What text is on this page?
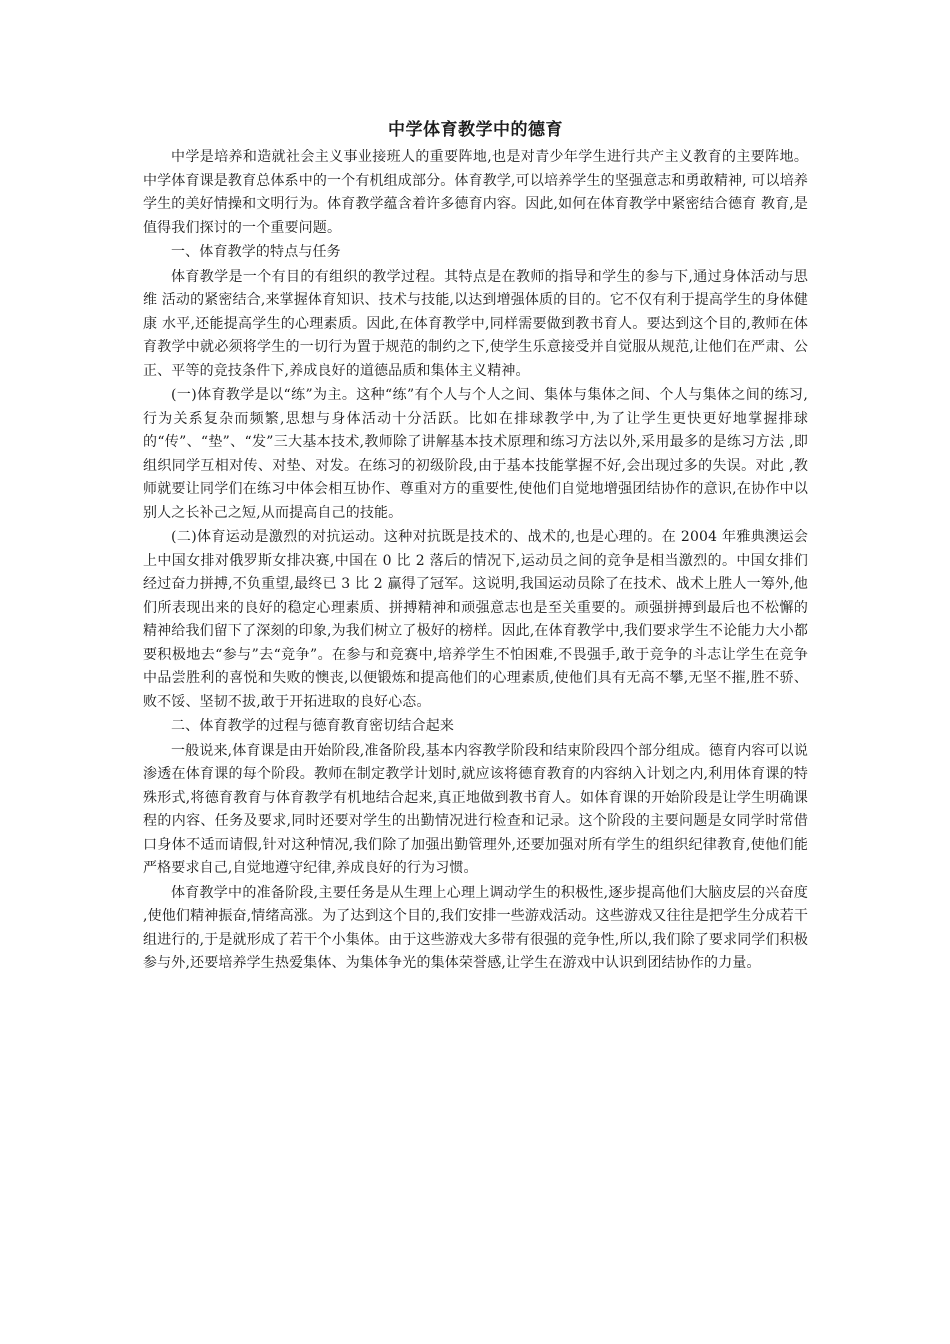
中学体育教学中的德育

中学是培养和造就社会主义事业接班人的重要阵地,也是对青少年学生进行共产主义教育的主要阵地。 中学体育课是教育总体系中的一个有机组成部分。体育教学,可以培养学生的坚强意志和勇敢精神, 可以培养学生的美好情操和文明行为。体育教学蕴含着许多德育内容。因此,如何在体育教学中紧密结合德育 教育,是值得我们探讨的一个重要问题。

一、体育教学的特点与任务

体育教学是一个有目的有组织的教学过程。其特点是在教师的指导和学生的参与下,通过身体活动与思维 活动的紧密结合,来掌握体育知识、技术与技能,以达到增强体质的目的。它不仅有利于提高学生的身体健康 水平,还能提高学生的心理素质。因此,在体育教学中,同样需要做到教书育人。要达到这个目的,教师在体育教学中就必须将学生的一切行为置于规范的制约之下,使学生乐意接受并自觉服从规范,让他们在严肃、公正、平等的竞技条件下,养成良好的道德品质和集体主义精神。

(一)体育教学是以“练”为主。这种“练”有个人与个人之间、集体与集体之间、个人与集体之间的练习,行为关系复杂而频繁,思想与身体活动十分活跃。比如在排球教学中,为了让学生更快更好地掌握排球的“传”、“垫”、“发”三大基本技术,教师除了讲解基本技术原理和练习方法以外,采用最多的是练习方法 ,即组织同学互相对传、对垫、对发。在练习的初级阶段,由于基本技能掌握不好,会出现过多的失误。对此 ,教师就要让同学们在练习中体会相互协作、尊重对方的重要性,使他们自觉地增强团结协作的意识,在协作中以别人之长补己之短,从而提高自己的技能。

(二)体育运动是激烈的对抗运动。这种对抗既是技术的、战术的,也是心理的。在 2004 年雅典澳运会上中国女排对俄罗斯女排决赛,中国在 0 比 2 落后的情况下,运动员之间的竞争是相当激烈的。中国女排们经过奋力拼搏,不负重望,最终已 3 比 2 赢得了冠军。这说明,我国运动员除了在技术、战术上胜人一筹外,他们所表现出来的良好的稳定心理素质、拼搏精神和顽强意志也是至关重要的。顽强拼搏到最后也不松懈的精神给我们留下了深刻的印象,为我们树立了极好的榜样。因此,在体育教学中,我们要求学生不论能力大小都要积极地去“参与”去“竞争”。在参与和竞赛中,培养学生不怕困难,不畏强手,敢于竞争的斗志让学生在竞争中品尝胜利的喜悦和失败的懊丧,以便锻炼和提高他们的心理素质,使他们具有无高不攀,无坚不摧,胜不骄、败不馁、坚韧不拔,敢于开拓进取的良好心态。

二、体育教学的过程与德育教育密切结合起来

一般说来,体育课是由开始阶段,准备阶段,基本内容教学阶段和结束阶段四个部分组成。德育内容可以说渗透在体育课的每个阶段。教师在制定教学计划时,就应该将德育教育的内容纳入计划之内,利用体育课的特殊形式,将德育教育与体育教学有机地结合起来,真正地做到教书育人。如体育课的开始阶段是让学生明确课程的内容、任务及要求,同时还要对学生的出勤情况进行检查和记录。这个阶段的主要问题是女同学时常借口身体不适而请假,针对这种情况,我们除了加强出勤管理外,还要加强对所有学生的组织纪律教育,使他们能严格要求自己,自觉地遵守纪律,养成良好的行为习惯。

体育教学中的准备阶段,主要任务是从生理上心理上调动学生的积极性,逐步提高他们大脑皮层的兴奋度 ,使他们精神振奋,情绪高涨。为了达到这个目的,我们安排一些游戏活动。这些游戏又往往是把学生分成若干组进行的,于是就形成了若干个小集体。由于这些游戏大多带有很强的竞争性,所以,我们除了要求同学们积极参与外,还要培养学生热爱集体、为集体争光的集体荣誉感,让学生在游戏中认识到团结协作的力量。
